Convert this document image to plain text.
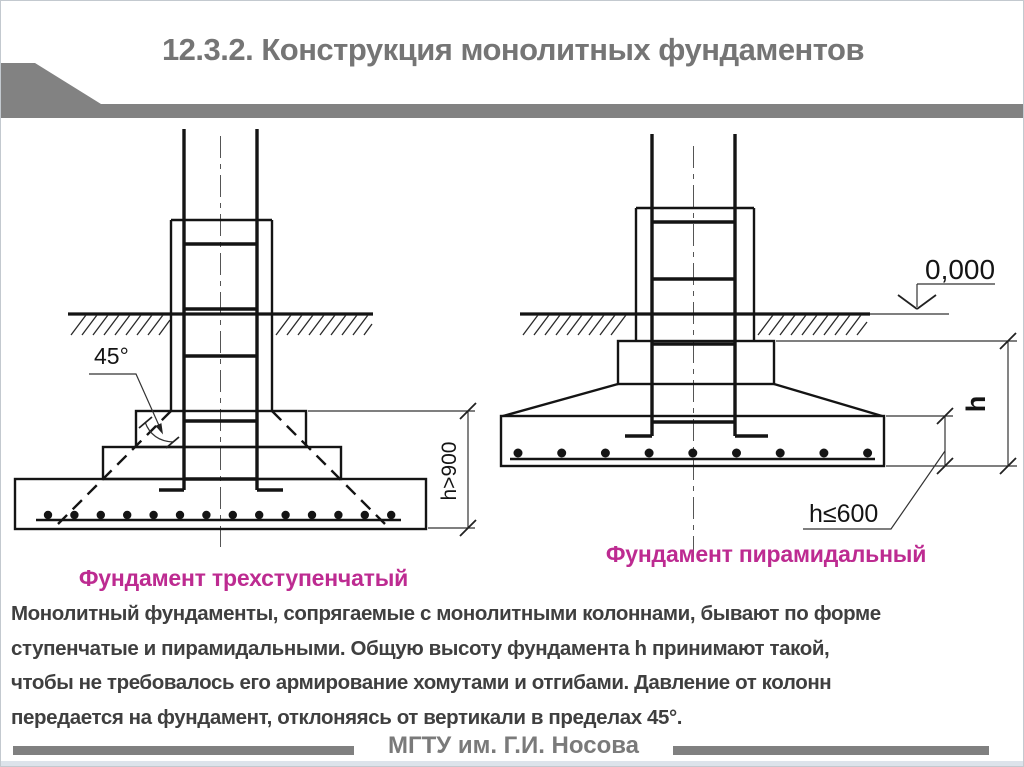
12.3.2. Конструкция монолитных фундаментов
45°
h>900
0,000
h
h≤600
Фундамент трехступенчатый
Фундамент пирамидальный
Монолитный фундаменты, сопрягаемые с монолитными колоннами, бывают по форме
ступенчатые и пирамидальными. Общую высоту фундамента h принимают такой,
чтобы не требовалось его армирование хомутами и отгибами. Давление от колонн
передается на фундамент, отклоняясь от вертикали в пределах 45°.
МГТУ им. Г.И. Носова
